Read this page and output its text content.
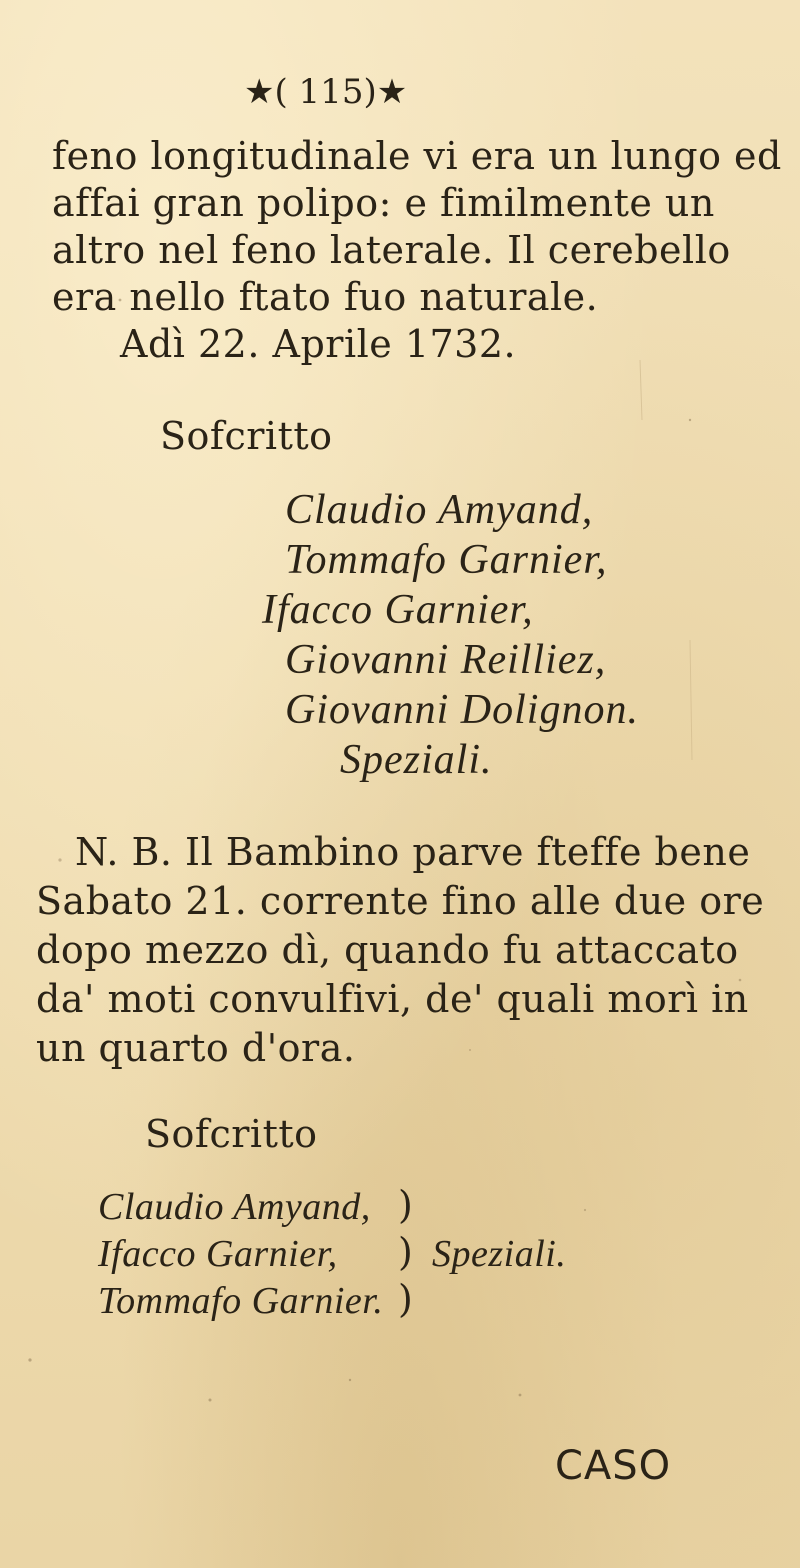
★( 115)★
feno longitudinale vi era un lungo ed
affai gran polipo: e fimilmente un
altro nel feno laterale. Il cerebello
era nello ftato fuo naturale.
Adì 22. Aprile 1732.
Sofcritto
Claudio Amyand,
Tommafo Garnier,
Ifacco Garnier,
Giovanni Reilliez,
Giovanni Dolignon.
Speziali.
N. B. Il Bambino parve fteffe bene
Sabato 21. corrente fino alle due ore
dopo mezzo dì, quando fu attaccato
da' moti convulfivi, de' quali morì in
un quarto d'ora.
Sofcritto
Claudio Amyand,
Ifacco Garnier,
Tommafo Garnier.
)
)
)
Speziali.
CASO
